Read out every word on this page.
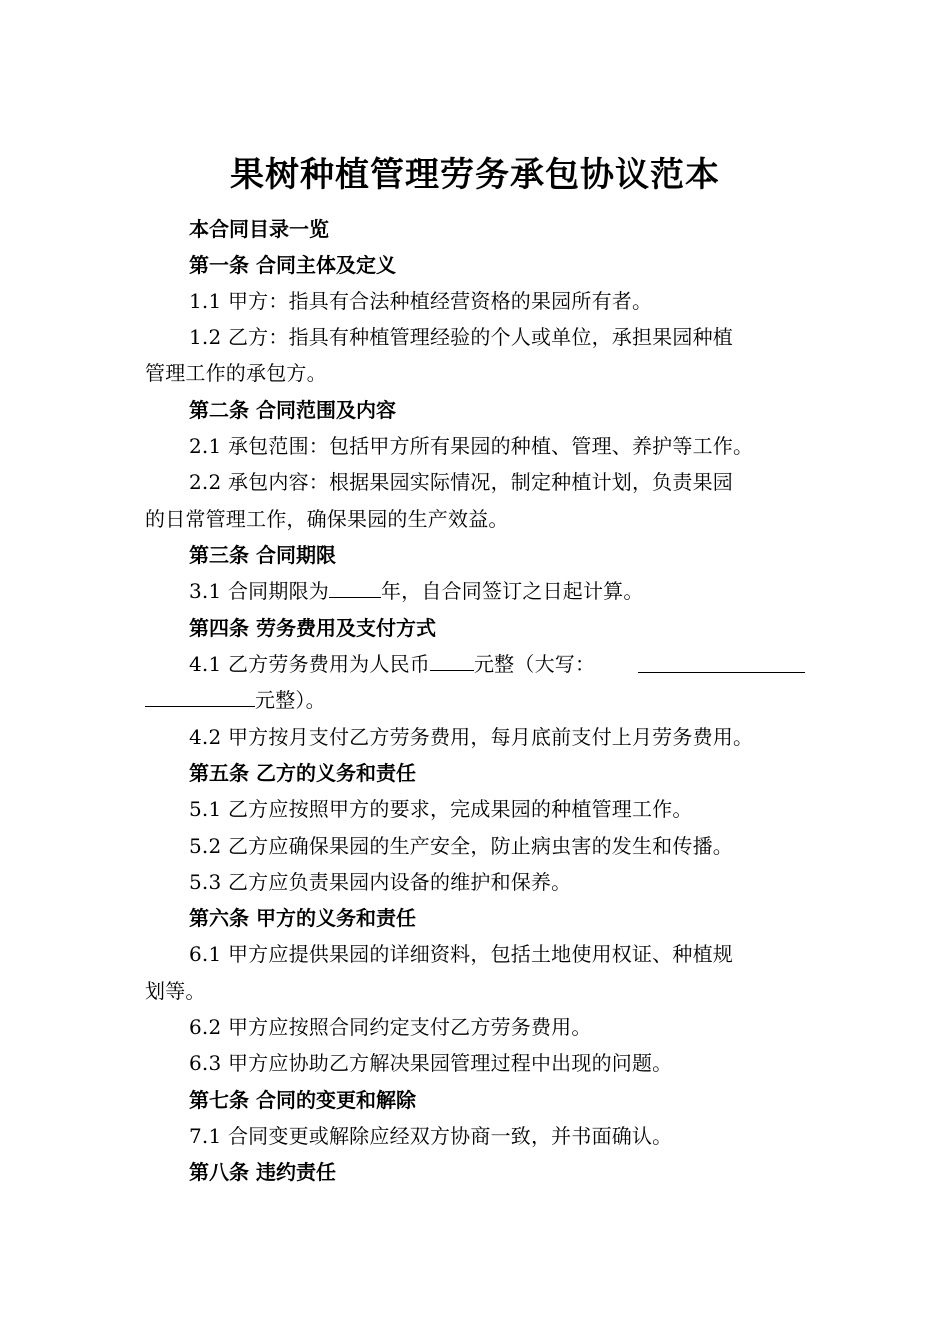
果树种植管理劳务承包协议范本
本合同目录一览
第一条 合同主体及定义
1.1 甲方：指具有合法种植经营资格的果园所有者。
1.2 乙方：指具有种植管理经验的个人或单位，承担果园种植
管理工作的承包方。
第二条 合同范围及内容
2.1 承包范围：包括甲方所有果园的种植、管理、养护等工作。
2.2 承包内容：根据果园实际情况，制定种植计划，负责果园
的日常管理工作，确保果园的生产效益。
第三条 合同期限
3.1 合同期限为	年，自合同签订之日起计算。
第四条 劳务费用及支付方式
4.1 乙方劳务费用为人民币 元整（大写：
元整）。
4.2 甲方按月支付乙方劳务费用，每月底前支付上月劳务费用。
第五条 乙方的义务和责任
5.1 乙方应按照甲方的要求，完成果园的种植管理工作。
5.2 乙方应确保果园的生产安全，防止病虫害的发生和传播。
5.3 乙方应负责果园内设备的维护和保养。
第六条 甲方的义务和责任
6.1 甲方应提供果园的详细资料，包括土地使用权证、种植规
划等。
6.2 甲方应按照合同约定支付乙方劳务费用。
6.3 甲方应协助乙方解决果园管理过程中出现的问题。
第七条 合同的变更和解除
7.1 合同变更或解除应经双方协商一致，并书面确认。
第八条 违约责任
